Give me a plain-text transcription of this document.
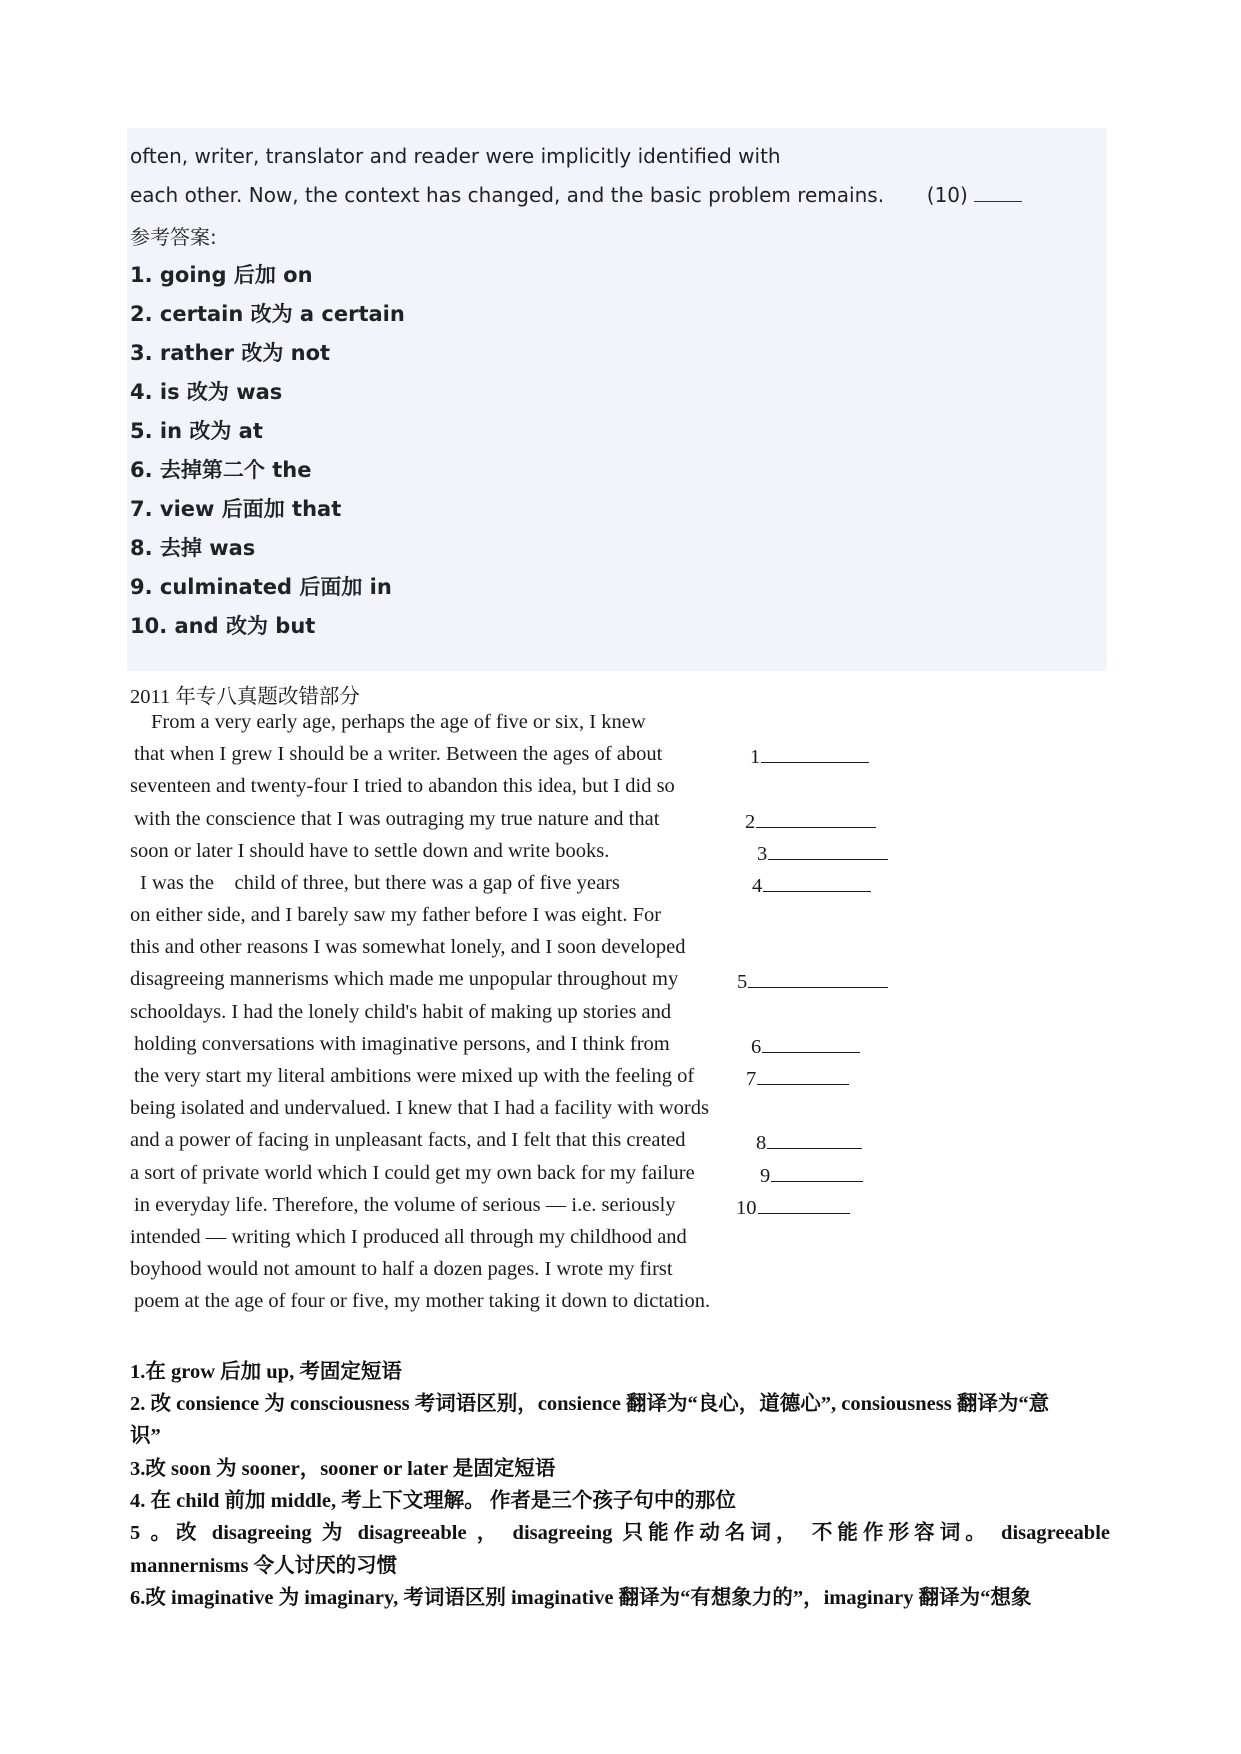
often, writer, translator and reader were implicitly identified with
each other. Now, the context has changed, and the basic problem remains. (10)
参考答案:
1. going 后加 on
2. certain 改为 a certain
3. rather 改为 not
4. is 改为 was
5. in 改为 at
6. 去掉第二个 the
7. view 后面加 that
8. 去掉 was
9. culminated 后面加 in
10. and 改为 but
2011 年专八真题改错部分
From a very early age, perhaps the age of five or six, I knew
that when I grew I should be a writer. Between the ages of about
seventeen and twenty-four I tried to abandon this idea, but I did so
with the conscience that I was outraging my true nature and that
soon or later I should have to settle down and write books.
I was the    child of three, but there was a gap of five years
on either side, and I barely saw my father before I was eight. For
this and other reasons I was somewhat lonely, and I soon developed
disagreeing mannerisms which made me unpopular throughout my
schooldays. I had the lonely child's habit of making up stories and
holding conversations with imaginative persons, and I think from
the very start my literal ambitions were mixed up with the feeling of
being isolated and undervalued. I knew that I had a facility with words
and a power of facing in unpleasant facts, and I felt that this created
a sort of private world which I could get my own back for my failure
in everyday life. Therefore, the volume of serious — i.e. seriously
intended — writing which I produced all through my childhood and
boyhood would not amount to half a dozen pages. I wrote my first
poem at the age of four or five, my mother taking it down to dictation.
1
2
3
4
5
6
7
8
9
10
1.在 grow 后加 up, 考固定短语
2. 改 consience 为 consciousness 考词语区别，consience 翻译为“良心，道德心”, consiousness 翻译为“意
识”
3.改 soon 为 sooner，sooner or later 是固定短语
4. 在 child 前加 middle, 考上下文理解。 作者是三个孩子句中的那位
5 。改 disagreeing 为 disagreeable ， disagreeing 只能作动名词， 不能作形容词。 disagreeable
mannernisms 令人讨厌的习惯
6.改 imaginative 为 imaginary, 考词语区别 imaginative 翻译为“有想象力的”，imaginary 翻译为“想象
